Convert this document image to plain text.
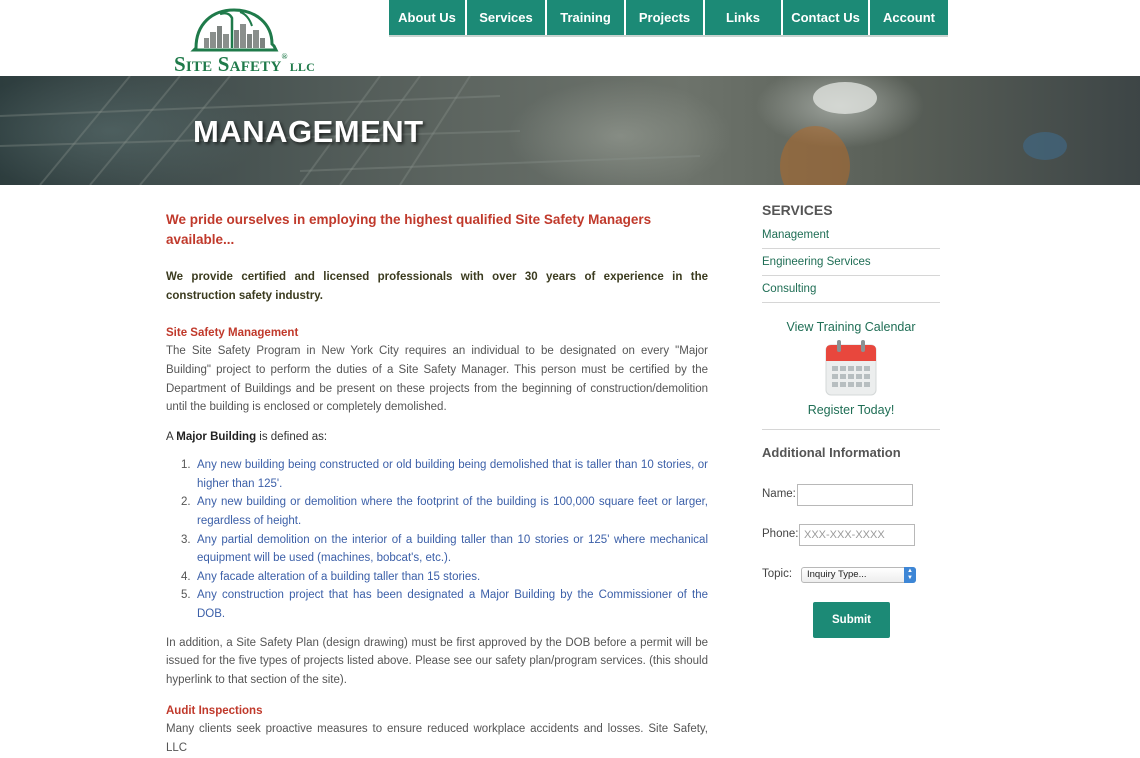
Site Safety®LLC
About Us	Services	Training	Projects	Links	Contact Us	Account
MANAGEMENT
We pride ourselves in employing the highest qualified Site Safety Managers available...
We provide certified and licensed professionals with over 30 years of experience in the construction safety industry.
Site Safety Management
The Site Safety Program in New York City requires an individual to be designated on every "Major Building" project to perform the duties of a Site Safety Manager. This person must be certified by the Department of Buildings and be present on these projects from the beginning of construction/demolition until the building is enclosed or completely demolished.
A Major Building is defined as:
1. Any new building being constructed or old building being demolished that is taller than 10 stories, or higher than 125'.
2. Any new building or demolition where the footprint of the building is 100,000 square feet or larger, regardless of height.
3. Any partial demolition on the interior of a building taller than 10 stories or 125' where mechanical equipment will be used (machines, bobcat's, etc.).
4. Any facade alteration of a building taller than 15 stories.
5. Any construction project that has been designated a Major Building by the Commissioner of the DOB.
In addition, a Site Safety Plan (design drawing) must be first approved by the DOB before a permit will be issued for the five types of projects listed above. Please see our safety plan/program services. (this should hyperlink to that section of the site).
Audit Inspections
Many clients seek proactive measures to ensure reduced workplace accidents and losses. Site Safety, LLC
SERVICES
Management
Engineering Services
Consulting
View Training Calendar
Register Today!
Additional Information
Name:
Phone:
XXX-XXX-XXXX
Topic:	Inquiry Type...	▲
▼
Submit
